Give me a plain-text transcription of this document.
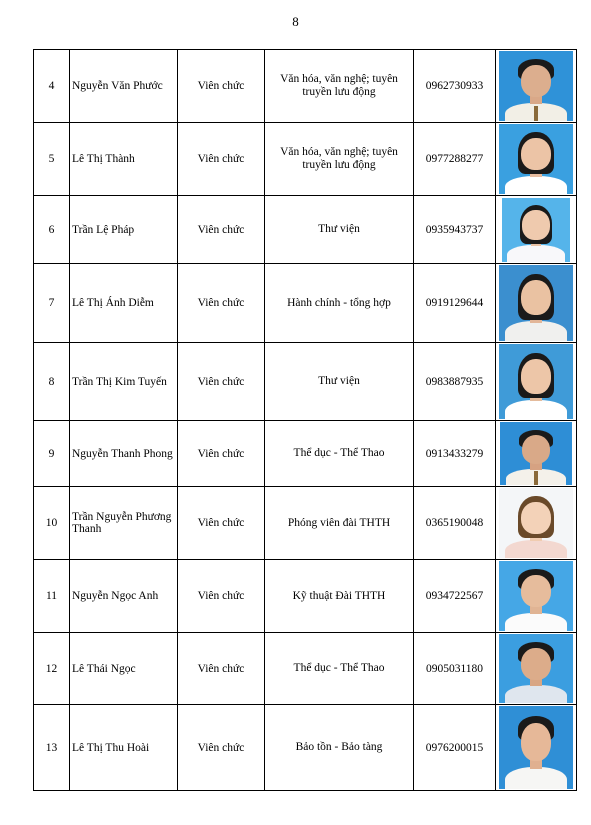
8
4	Nguyễn Văn Phước	Viên chức	Văn hóa, văn nghệ; tuyên truyền lưu động	0962730933	

5	Lê Thị Thành	Viên chức	Văn hóa, văn nghệ; tuyên truyền lưu động	0977288277	

6	Trần Lệ Pháp	Viên chức	Thư viện	0935943737	

7	Lê Thị Ánh Diễm	Viên chức	Hành chính - tổng hợp	0919129644	

8	Trần Thị Kim Tuyến	Viên chức	Thư viện	0983887935	

9	Nguyễn Thanh Phong	Viên chức	Thể dục - Thể Thao	0913433279	

10	Trần Nguyễn Phương Thanh	Viên chức	Phóng viên đài THTH	0365190048	

11	Nguyễn Ngọc Anh	Viên chức	Kỹ thuật Đài THTH	0934722567	

12	Lê Thái Ngọc	Viên chức	Thể dục - Thể Thao	0905031180	

13	Lê Thị Thu Hoài	Viên chức	Bảo tồn - Bảo tàng	0976200015	
